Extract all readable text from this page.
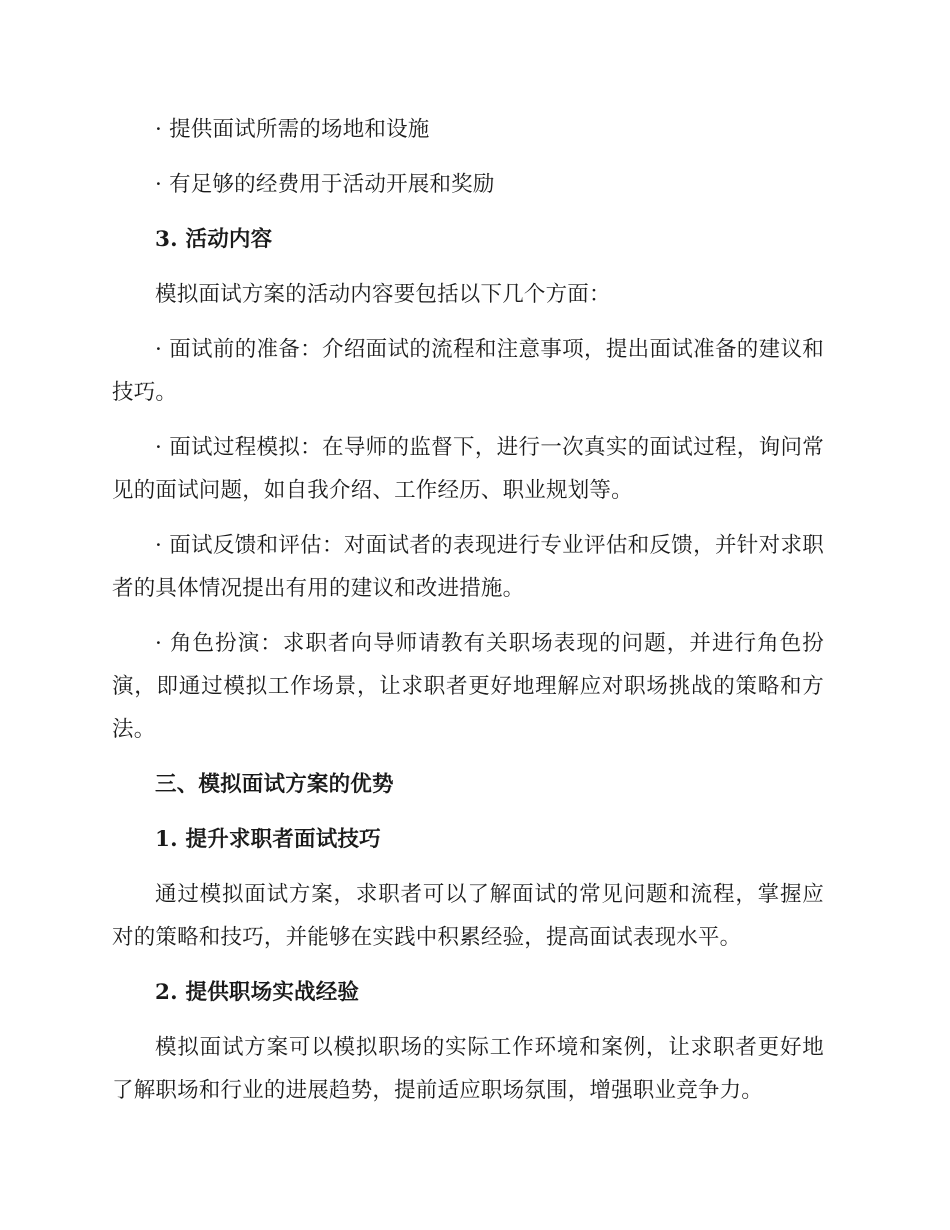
· 提供面试所需的场地和设施

· 有足够的经费用于活动开展和奖励

3. 活动内容

模拟面试方案的活动内容要包括以下几个方面：

· 面试前的准备：介绍面试的流程和注意事项，提出面试准备的建议和技巧。

· 面试过程模拟：在导师的监督下，进行一次真实的面试过程，询问常见的面试问题，如自我介绍、工作经历、职业规划等。

· 面试反馈和评估：对面试者的表现进行专业评估和反馈，并针对求职者的具体情况提出有用的建议和改进措施。

· 角色扮演：求职者向导师请教有关职场表现的问题，并进行角色扮演，即通过模拟工作场景，让求职者更好地理解应对职场挑战的策略和方法。

三、模拟面试方案的优势

1. 提升求职者面试技巧

通过模拟面试方案，求职者可以了解面试的常见问题和流程，掌握应对的策略和技巧，并能够在实践中积累经验，提高面试表现水平。

2. 提供职场实战经验

模拟面试方案可以模拟职场的实际工作环境和案例，让求职者更好地了解职场和行业的进展趋势，提前适应职场氛围，增强职业竞争力。
